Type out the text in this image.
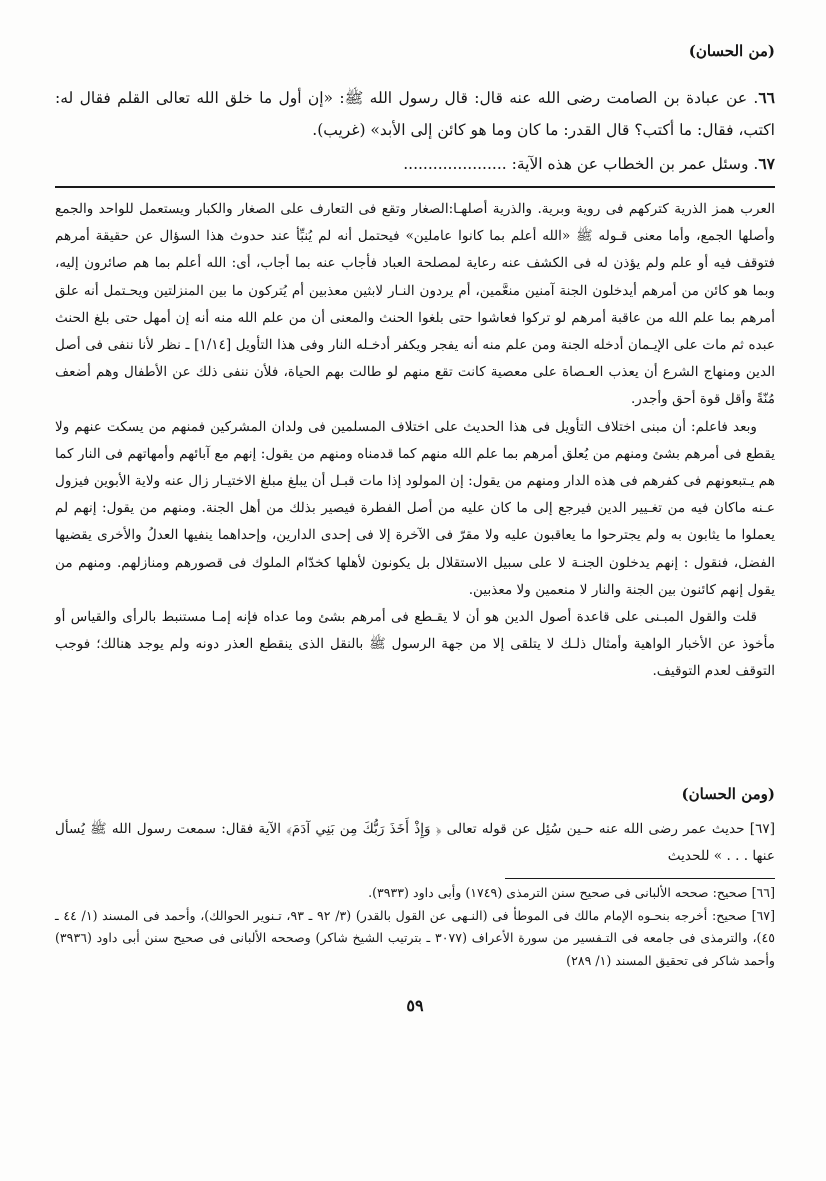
(من الحسان)
٦٦. عن عبادة بن الصامت رضى الله عنه قال: قال رسول الله ﷺ: «إن أول ما خلق الله تعالى القلم فقال له: اكتب، فقال: ما أكتب؟ قال القدر: ما كان وما هو كائن إلى الأبد» (غريب).
٦٧. وسئل عمر بن الخطاب عن هذه الآية: .....................

العرب همز الذرية كتركهم فى روية وبرية. والذرية أصلهـا:الصغار وتقع فى التعارف على الصغار والكبار ويستعمل للواحد والجمع وأصلها الجمع، وأما معنى قـوله ﷺ «الله أعلم بما كانوا عاملين» فيحتمل أنه لم يُنبِّأ عند حدوث هذا السؤال عن حقيقة أمرهم فتوقف فيه أو علم ولم يؤذن له فى الكشف عنه رعاية لمصلحة العباد فأجاب عنه بما أجاب، أى: الله أعلم بما هم صائرون إليه، وبما هو كائن من أمرهم أيدخلون الجنة آمنين منعَّمين، أم يردون النـار لابثين معذبين أم يُتركون ما بين المنزلتين ويحـتمل أنه علق أمرهم بما علم الله من عاقبة أمرهم لو تركوا فعاشوا حتى بلغوا الحنث والمعنى أن من علم الله منه أنه إن أمهل حتى بلغ الحنث عبده ثم مات على الإيـمان أدخله الجنة ومن علم منه أنه يفجر ويكفر أدخـله النار وفى هذا التأويل [١/١٤] ـ نظر لأنا ننفى فى أصل الدين ومنهاج الشرع أن يعذب العـصاة على معصية كانت تقع منهم لو طالت بهم الحياة، فلأن ننفى ذلك عن الأطفال وهم أضعف مُنّةً وأقل قوة أحق وأجدر.

وبعد فاعلم: أن مبنى اختلاف التأويل فى هذا الحديث على اختلاف المسلمين فى ولدان المشركين فمنهم من يسكت عنهم ولا يقطع فى أمرهم بشئ ومنهم من يُعلق أمرهم بما علم الله منهم كما قدمناه ومنهم من يقول: إنهم مع آبائهم وأمهاتهم فى النار كما هم يـتبعونهم فى كفرهم فى هذه الدار ومنهم من يقول: إن المولود إذا مات قبـل أن يبلغ مبلغ الاختيـار زال عنه ولاية الأبوين فيزول عـنه ماكان فيه من تغـيير الدين فيرجع إلى ما كان عليه من أصل الفطرة فيصير بذلك من أهل الجنة. ومنهم من يقول: إنهم لم يعملوا ما يثابون به ولم يجترحوا ما يعاقبون عليه ولا مقرّ فى الآخرة إلا فى إحدى الدارين، وإحداهما ينفيها العدلُ والأخرى يقضيها الفضل، فنقول : إنهم يدخلون الجنـة لا على سبيل الاستقلال بل يكونون لأهلها كخدّام الملوك فى قصورهم ومنازلهم. ومنهم من يقول إنهم كائنون بين الجنة والنار لا منعمين ولا معذبين.

قلت والقول المبـنى على قاعدة أصول الدين هو أن لا يقـطع فى أمرهم بشئ وما عداه فإنه إمـا مستنبط بالرأى والقياس أو مأخوذ عن الأخبار الواهية وأمثال ذلـك لا يتلقى إلا من جهة الرسول ﷺ بالنقل الذى ينقطع العذر دونه ولم يوجد هنالك؛ فوجب التوقف لعدم التوقيف.

(ومن الحسان)
[٦٧] حديث عمر رضى الله عنه حـين سُئِل عن قوله تعالى ﴿ وَإِذْ أَخَذَ رَبُّكَ مِن بَنِي آدَمَ﴾ الآية فقال: سمعت رسول الله ﷺ يُسأل عنها . . . » للحديث

[٦٦] صحيح: صححه الألبانى فى صحيح سنن الترمذى (١٧٤٩) وأبى داود (٣٩٣٣).

[٦٧] صحيح: أخرجه بنحـوه الإمام مالك فى الموطأ فى (النـهى عن القول بالقدر) (٣/ ٩٢ ـ ٩٣، تـنوير الحوالك)، وأحمد فى المسند (١/ ٤٤ ـ ٤٥)، والترمذى فى جامعه فى التـفسير من سورة الأعراف (٣٠٧٧ ـ بترتيب الشيخ شاكر) وصححه الألبانى فى صحيح سنن أبى داود (٣٩٣٦) وأحمد شاكر فى تحقيق المسند (١/ ٢٨٩)

٥٩
